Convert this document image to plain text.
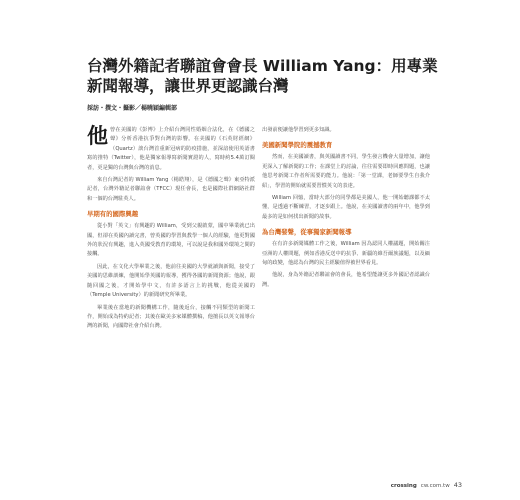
台灣外籍記者聯誼會會長 William Yang：用專業新聞報導，讓世界更認識台灣
採訪・撰文・攝影／楊曉穎編輯部

他曾在美國的《彭博》上介紹台灣同性婚姻合法化，在《德國之聲》分析香港抗爭對台灣的影響。在美國的《石英財經網》（Quartz）談台灣首重新冠病的防疫措施，並深諳使用英語書寫的推特（Twitter），他是獨家報導寫新聞實證的人，寫時約5.4萬訂閱者，更是獨的台灣與台灣的消息。

來自台灣記者的 William Yang（楊皓翔），是《德國之聲》東亞特派記者，台灣外籍記者聯誼會（TFCC）現任會長，也是國際社群網路社群和一個的台灣駐英人。

早期有的國際興趣

從小對「英文」有興趣的 William，受到父親啟蒙，國中畢業就已出國，但卻在英國內讀完書，曾英國的學習與教學一個人的經驗，他更對國外的狀況有興趣，進入英國受教育的環境，可以說是我和國外環境之間的接觸。

因此，在文化大學畢業之後，他前往美國的大學就讀與新聞，接受了美國的思維訓練，他開始學英國的報導，獲得各國的新聞資源；他說，跟隨回國之後，才開始學中文，有許多語言上的挑戰，他從美國的（Temple University）的新聞研究所畢業。

畢業後在當地的新聞機構工作，隨後返台，接觸不同類型的新聞工作，開始成為特約記者；其後在歐美多家媒體撰稿，他擅長以英文報導台灣的新聞，向國際社會介紹台灣。

出發前便讓他學習到更多知識。

美國新聞學院的震撼教育

然而，在美國讀書，與英國讀書不同，學生發言機會大量增加，讓他更深入了解新聞的工作；在課堂上的討論，往往需要即時回應問題，也讓他思考新聞工作者所需要的能力。他說：「第一堂課，老師要學生自我介紹」，學習的開始就需要習慣英文的表達。

William 回憶，當時大部分的同學都是美國人，他一開始聽課都不太懂，是透過不斷練習，才逐步跟上。他說，在美國讀書的兩年中，他學到最多的是如何找出新聞的故事。

為台灣發聲，從事獨家新聞報導

在有許多新聞媒體工作之後，William 因為認同人權議題，開始關注亞洲的人權問題，例如香港反送中的抗爭、新疆的維吾爾族議題，以及緬甸的政變，他認為台灣的民主經驗值得被世界看見。

他說，身為外籍記者聯誼會的會長，他希望能讓更多外國記者認識台灣。

crossing cw.com.tw 43
